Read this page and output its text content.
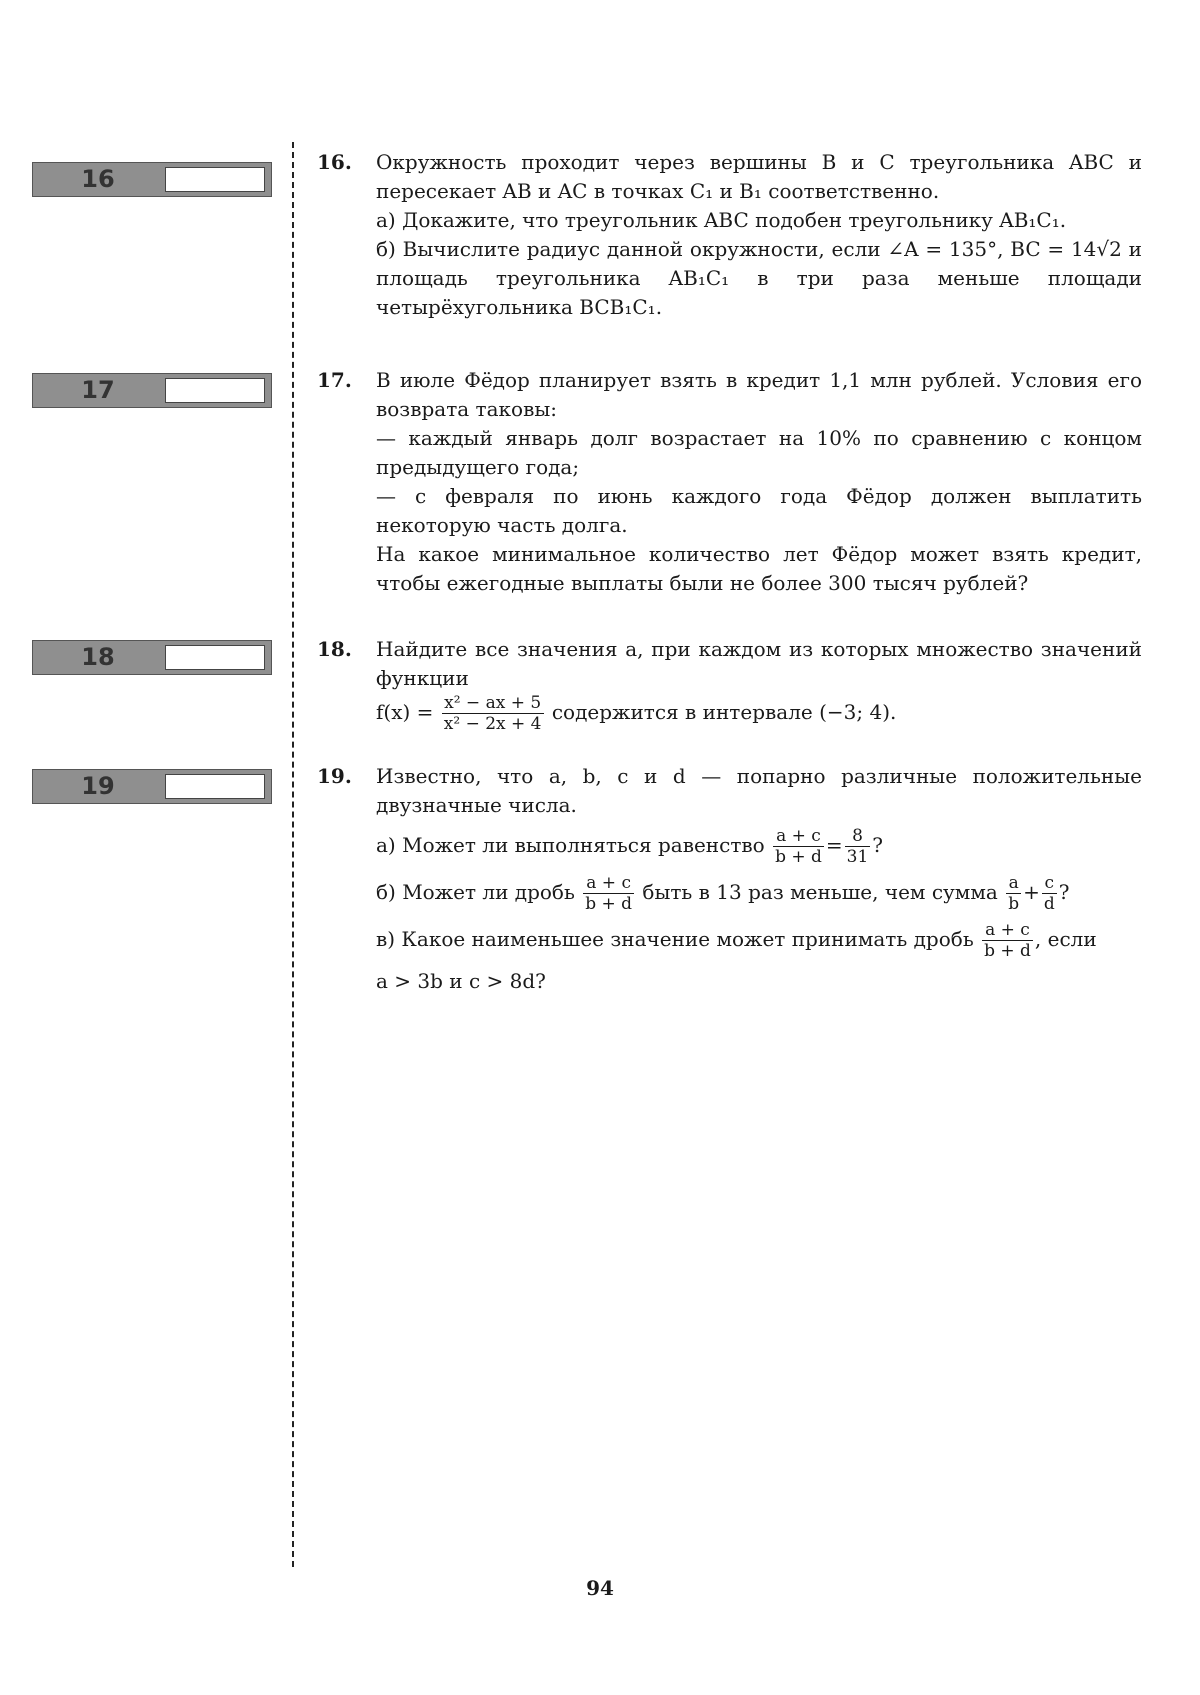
16
17
18
19
16. Окружность проходит через вершины B и C треугольника ABC и пересекает AB и AC в точках C₁ и B₁ соответственно.

а) Докажите, что треугольник ABC подобен треугольнику AB₁C₁.

б) Вычислите радиус данной окружности, если ∠A = 135°, BC = 14√2 и площадь треугольника AB₁C₁ в три раза меньше площади четырёхугольника BCB₁C₁.

17. В июле Фёдор планирует взять в кредит 1,1 млн рублей. Условия его возврата таковы:

— каждый январь долг возрастает на 10% по сравнению с концом предыдущего года;

— с февраля по июнь каждого года Фёдор должен выплатить некоторую часть долга.

На какое минимальное количество лет Фёдор может взять кредит, чтобы ежегодные выплаты были не более 300 тысяч рублей?

18. Найдите все значения a, при каждом из которых множество значений функции

$f(x) = \frac{\text{x² − ax + 5}}{\text{x² − 2x + 4}}$ содержится в интервале (−3; 4).

19. Известно, что a, b, c и d — попарно различные положительные двузначные числа.

а) Может ли выполняться равенство $\frac{a + c}{b + d} = \frac{8}{31}$ ?

б) Может ли дробь $\frac{a + c}{b + d}$ быть в 13 раз меньше, чем сумма $\frac{a}{b} + \frac{c}{d}$ ?

в) Какое наименьшее значение может принимать дробь $\frac{a + c}{b + d}$ , если

a > 3b и c > 8d?

94
